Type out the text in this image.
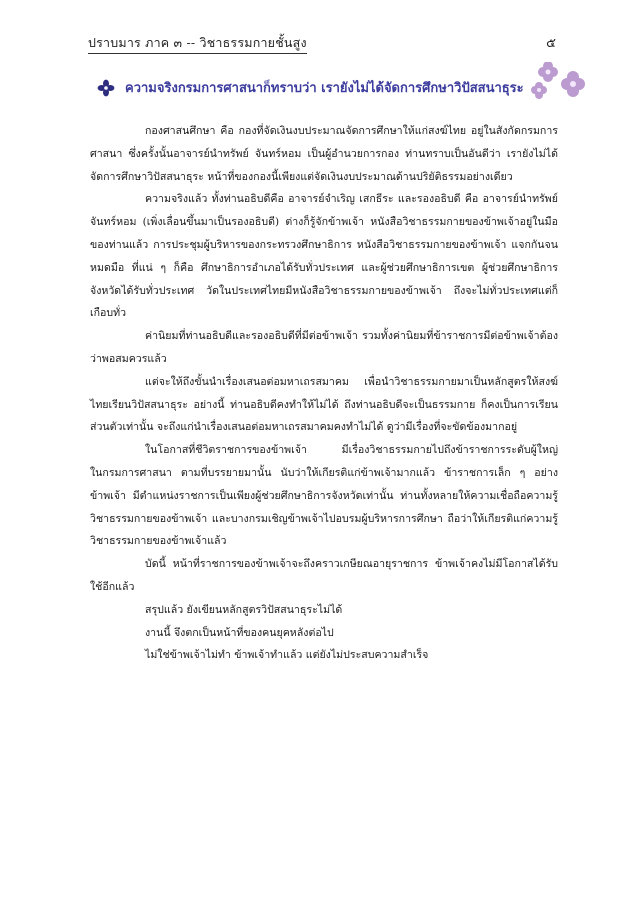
ปราบมาร ภาค ๓ -- วิชาธรรมกายชั้นสูง	๕
ความจริงกรมการศาสนาก็ทราบว่า เรายังไม่ได้จัดการศึกษาวิปัสสนาธุระ

กองศาสนศึกษา คือ กองที่จัดเงินงบประมาณจัดการศึกษาให้แก่สงฆ์ไทย อยู่ในสังกัดกรมการศาสนา ซึ่งครั้งนั้นอาจารย์นำทรัพย์ จันทร์หอม เป็นผู้อำนวยการกอง ท่านทราบเป็นอันดีว่า เรายังไม่ได้จัดการศึกษาวิปัสสนาธุระ หน้าที่ของกองนี้เพียงแต่จัดเงินงบประมาณด้านปริยัติธรรมอย่างเดียว

ความจริงแล้ว ทั้งท่านอธิบดีคือ อาจารย์จำเริญ เสกธีระ และรองอธิบดี คือ อาจารย์นำทรัพย์ จันทร์หอม (เพิ่งเลื่อนขึ้นมาเป็นรองอธิบดี) ต่างก็รู้จักข้าพเจ้า หนังสือวิชาธรรมกายของข้าพเจ้าอยู่ในมือของท่านแล้ว การประชุมผู้บริหารของกระทรวงศึกษาธิการ หนังสือวิชาธรรมกายของข้าพเจ้า แจกกันจนหมดมือ ที่แน่ ๆ ก็คือ ศึกษาธิการอำเภอได้รับทั่วประเทศ และผู้ช่วยศึกษาธิการเขต ผู้ช่วยศึกษาธิการจังหวัดได้รับทั่วประเทศ วัดในประเทศไทยมีหนังสือวิชาธรรมกายของข้าพเจ้า ถึงจะไม่ทั่วประเทศแต่ก็เกือบทั่ว

ค่านิยมที่ท่านอธิบดีและรองอธิบดีที่มีต่อข้าพเจ้า รวมทั้งค่านิยมที่ข้าราชการมีต่อข้าพเจ้าต้องว่าพอสมควรแล้ว

แต่จะให้ถึงขั้นนำเรื่องเสนอต่อมหาเถรสมาคม เพื่อนำวิชาธรรมกายมาเป็นหลักสูตรให้สงฆ์ไทยเรียนวิปัสสนาธุระ อย่างนี้ ท่านอธิบดีคงทำให้ไม่ได้ ถึงท่านอธิบดีจะเป็นธรรมกาย ก็คงเป็นการเรียนส่วนตัวเท่านั้น จะถึงแก่นำเรื่องเสนอต่อมหาเถรสมาคมคงทำไม่ได้ ดูว่ามีเรื่องที่จะขัดข้องมากอยู่

ในโอกาสที่ชีวิตราชการของข้าพเจ้า มีเรื่องวิชาธรรมกายไปถึงข้าราชการระดับผู้ใหญ่ในกรมการศาสนา ตามที่บรรยายมานั้น นับว่าให้เกียรติแก่ข้าพเจ้ามากแล้ว ข้าราชการเล็ก ๆ อย่างข้าพเจ้า มีตำแหน่งราชการเป็นเพียงผู้ช่วยศึกษาธิการจังหวัดเท่านั้น ท่านทั้งหลายให้ความเชื่อถือความรู้วิชาธรรมกายของข้าพเจ้า และบางกรมเชิญข้าพเจ้าไปอบรมผู้บริหารการศึกษา ถือว่าให้เกียรติแก่ความรู้วิชาธรรมกายของข้าพเจ้าแล้ว

บัดนี้ หน้าที่ราชการของข้าพเจ้าจะถึงคราวเกษียณอายุราชการ ข้าพเจ้าคงไม่มีโอกาสได้รับใช้อีกแล้ว

สรุปแล้ว ยังเขียนหลักสูตรวิปัสสนาธุระไม่ได้

งานนี้ จึงตกเป็นหน้าที่ของคนยุคหลังต่อไป

ไม่ใช่ข้าพเจ้าไม่ทำ ข้าพเจ้าทำแล้ว แต่ยังไม่ประสบความสำเร็จ
